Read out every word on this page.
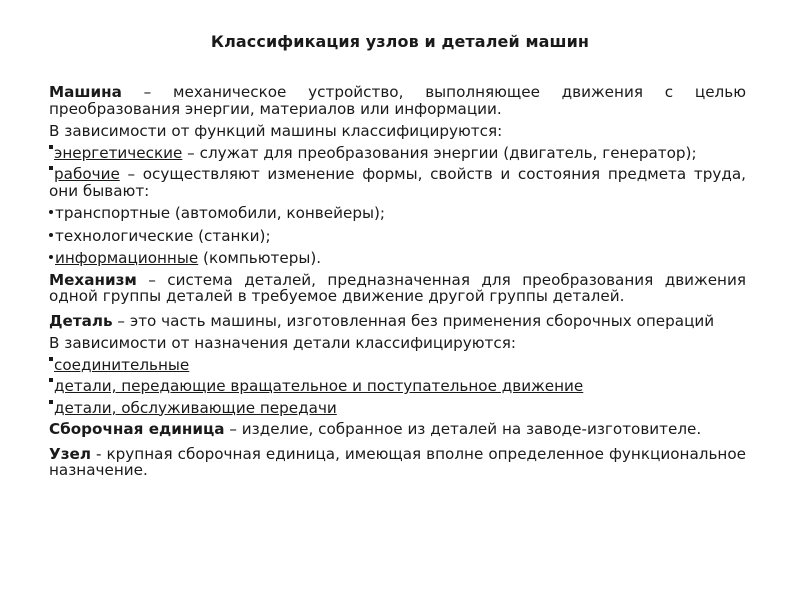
Классификация узлов и деталей машин

Машина – механическое устройство, выполняющее движения с целью преобразования энергии, материалов или информации.

В зависимости от функций машины классифицируются:

энергетические – служат для преобразования энергии (двигатель, генератор);

рабочие – осуществляют изменение формы, свойств и состояния предмета труда, они бывают:

транспортные (автомобили, конвейеры);

технологические (станки);

информационные (компьютеры).

Механизм – система деталей, предназначенная для преобразования движения одной группы деталей в требуемое движение другой группы деталей.

Деталь – это часть машины, изготовленная без применения сборочных операций

В зависимости от назначения детали классифицируются:

соединительные

детали, передающие вращательное и поступательное движение

детали, обслуживающие передачи

Сборочная единица – изделие, собранное из деталей на заводе-изготовителе.

Узел - крупная сборочная единица, имеющая вполне определенное функциональное назначение.
